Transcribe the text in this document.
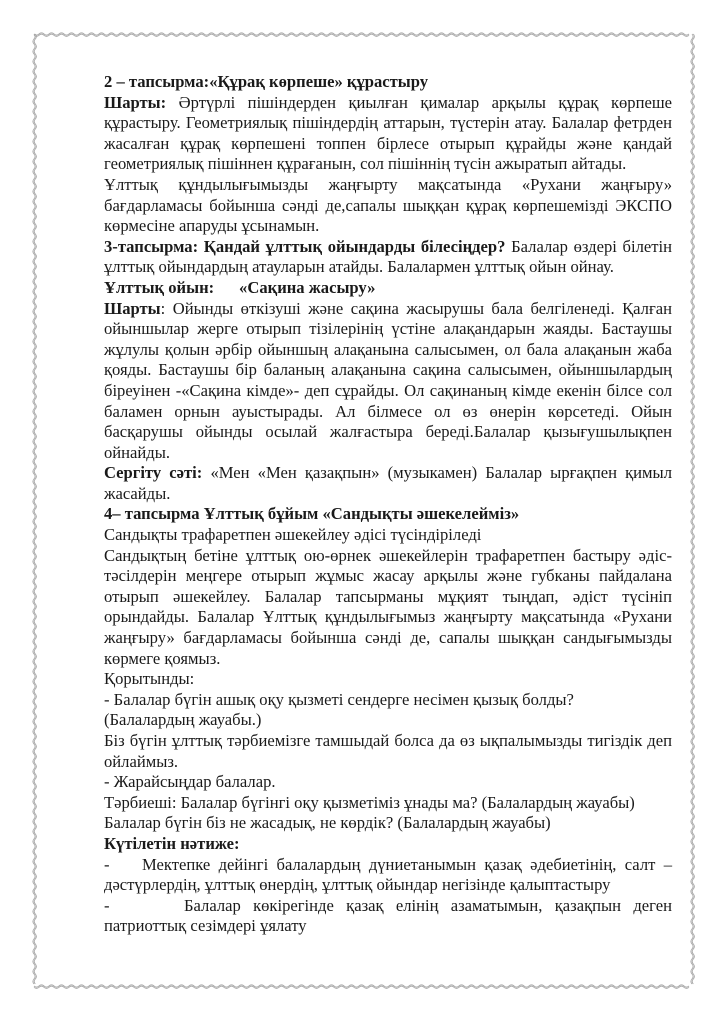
2 – тапсырма:«Құрақ көрпеше» құрастыру

Шарты: Әртүрлі пішіндерден қиылған қималар арқылы құрақ көрпеше құрастыру. Геометриялық пішіндердің аттарын, түстерін атау. Балалар фетрден жасалған құрақ көрпешені топпен бірлесе отырып құрайды және қандай геометриялық пішіннен құрағанын, сол пішіннің түсін ажыратып айтады.

Ұлттық құндылығымызды жаңғырту мақсатында «Рухани жаңғыру» бағдарламасы бойынша сәнді де,сапалы шыққан құрақ көрпешемізді ЭКСПО көрмесіне апаруды ұсынамын.

3-тапсырма: Қандай ұлттық ойындарды білесіңдер? Балалар өздері білетін ұлттық ойындардың атауларын атайды. Балалармен ұлттық ойын ойнау.

Ұлттық ойын:      «Сақина жасыру»

Шарты: Ойынды өткізуші және сақина жасырушы бала белгіленеді. Қалған ойыншылар жерге отырып тізілерінің үстіне алақандарын жаяды. Бастаушы жұлулы қолын әрбір ойыншың алақанына салысымен, ол бала алақанын жаба қояды. Бастаушы бір баланың алақанына сақина салысымен, ойыншылардың біреуінен -«Сақина кімде»- деп сұрайды. Ол сақинаның кімде екенін білсе сол баламен орнын ауыстырады. Ал білмесе ол өз өнерін көрсетеді. Ойын басқарушы ойынды осылай жалғастыра береді.Балалар қызығушылықпен ойнайды.

Сергіту сәті: «Мен «Мен қазақпын» (музыкамен) Балалар ырғақпен қимыл жасайды.

4– тапсырма Ұлттық бұйым «Сандықты әшекелейміз»

Сандықты трафаретпен әшекейлеу әдісі түсіндіріледі

Сандықтың бетіне ұлттық ою-өрнек әшекейлерін трафаретпен бастыру әдіс-тәсілдерін меңгере отырып жұмыс жасау арқылы және губканы пайдалана отырып әшекейлеу. Балалар тапсырманы мұқият тыңдап, әдіст түсініп орындайды. Балалар Ұлттық құндылығымыз жаңғырту мақсатында «Рухани жаңғыру» бағдарламасы бойынша сәнді де, сапалы шыққан сандығымызды көрмеге қоямыз.

Қорытынды:

- Балалар бүгін ашық оқу қызметі сендерге несімен қызық болды?

(Балалардың жауабы.)

Біз бүгін ұлттық тәрбиемізге тамшыдай болса да өз ықпалымызды тигіздік деп ойлаймыз.

- Жарайсыңдар балалар.

Тәрбиеші: Балалар бүгінгі оқу қызметіміз ұнады ма? (Балалардың жауабы)

Балалар бүгін біз не жасадық, не көрдік? (Балалардың жауабы)

Күтілетін нәтиже:

- Мектепке дейінгі балалардың дүниетанымын қазақ әдебиетінің, салт – дәстүрлердің, ұлттық өнердің, ұлттық ойындар негізінде қалыптастыру

-	Балалар көкірегінде қазақ елінің азаматымын, қазақпын деген патриоттық сезімдері ұялату
